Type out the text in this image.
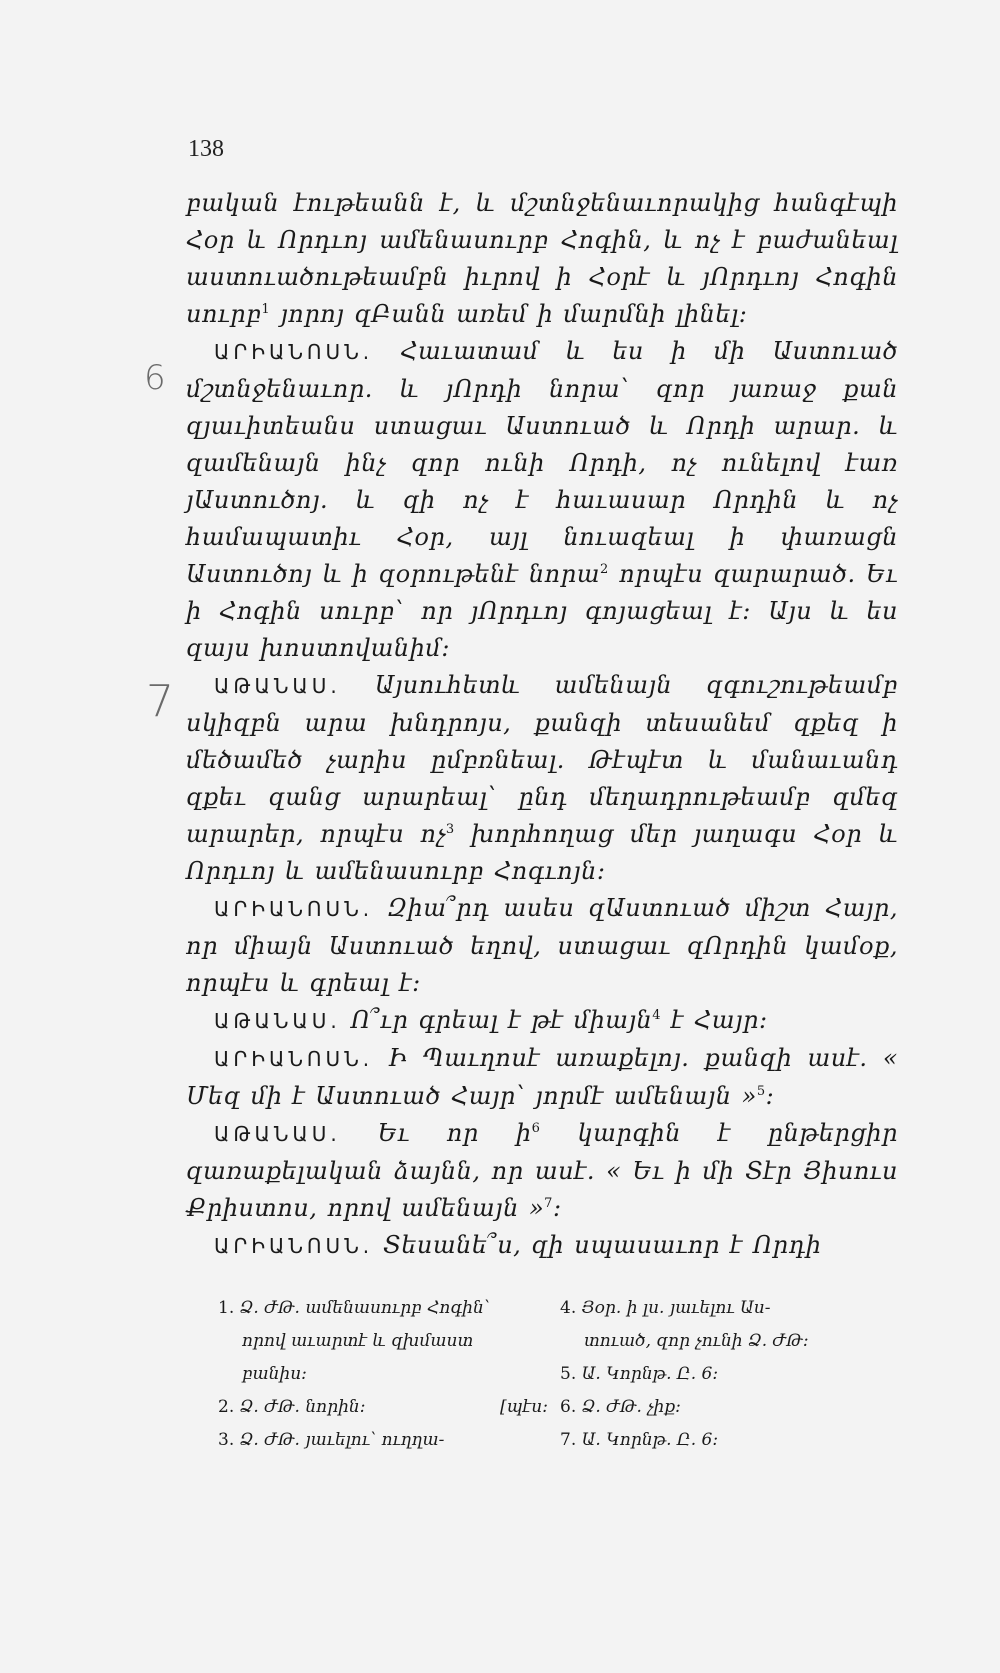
138
6
7

բական էութեանն է, և մշտնջենաւորակից հանգէպի Հօր և Որդւոյ ամենասուրբ Հոգին, և ոչ է բաժանեալ աստուածութեամբն իւրով ի Հօրէ և յՈրդւոյ Հոգին սուրբ$^1$ յորոյ զԲանն առեմ ի մարմնի լինել։

ԱՐԻԱՆՈՍՆ. Հաւատամ և ես ի մի Աստուած մշտնջենաւոր. և յՈրդի նորա՝ զոր յառաջ քան զյաւիտեանս ստացաւ Աստուած և Որդի արար. և զամենայն ինչ զոր ունի Որդի, ոչ ունելով էառ յԱստուծոյ. և զի ոչ է հաւասար Որդին և ոչ համապատիւ Հօր, այլ նուազեալ ի փառացն Աստուծոյ և ի զօրութենէ նորա$^2$ որպէս զարարած. Եւ ի Հոգին սուրբ՝ որ յՈրդւոյ գոյացեալ է։ Այս և ես զայս խոստովանիմ։

ԱԹԱՆԱՍ. Այսուհետև ամենայն զգուշութեամբ սկիզբն արա խնդրոյս, քանզի տեսանեմ զքեզ ի մեծամեծ չարիս ըմբռնեալ. Թէպէտ և մանաւանդ զքեւ զանց արարեալ՝ ընդ մեղադրութեամբ զմեզ արարեր, որպէս ոչ$^3$ խորհողաց մեր յաղագս Հօր և Որդւոյ և ամենասուրբ Հոգւոյն։

ԱՐԻԱՆՈՍՆ. Զիա՞րդ ասես զԱստուած միշտ Հայր, որ միայն Աստուած եղով, ստացաւ զՈրդին կամօք, որպէս և գրեալ է։

ԱԹԱՆԱՍ. Ո՞ւր գրեալ է թէ միայն$^4$ է Հայր։

ԱՐԻԱՆՈՍՆ. Ի Պաւղոսէ առաքելոյ. քանզի ասէ. « Մեզ մի է Աստուած Հայր՝ յորմէ ամենայն »$^5$։

ԱԹԱՆԱՍ. Եւ որ ի$^6$ կարգին է ընթերցիր զառաքելական ձայնն, որ ասէ. « Եւ ի մի Տէր Յիսուս Քրիստոս, որով ամենայն »$^7$։

ԱՐԻԱՆՈՍՆ. Տեսանե՞ս, զի սպասաւոր է Որդի

1. Ձ. ԺԹ. ամենասուրբ Հոգին՝
որով աւարտէ և զխմաստ

բանիս։

2. Ձ. ԺԹ. նորին։	[պէս։

3. Ձ. ԺԹ. յաւելու՝ ուղղա-

4. Յօր. ի լս. յաւելու Աս-
տուած, զոր չունի Ձ. ԺԹ։

5. Ա. Կորնթ. Ը. 6։

6. Ձ. ԺԹ. չիք։

7. Ա. Կորնթ. Ը. 6։
